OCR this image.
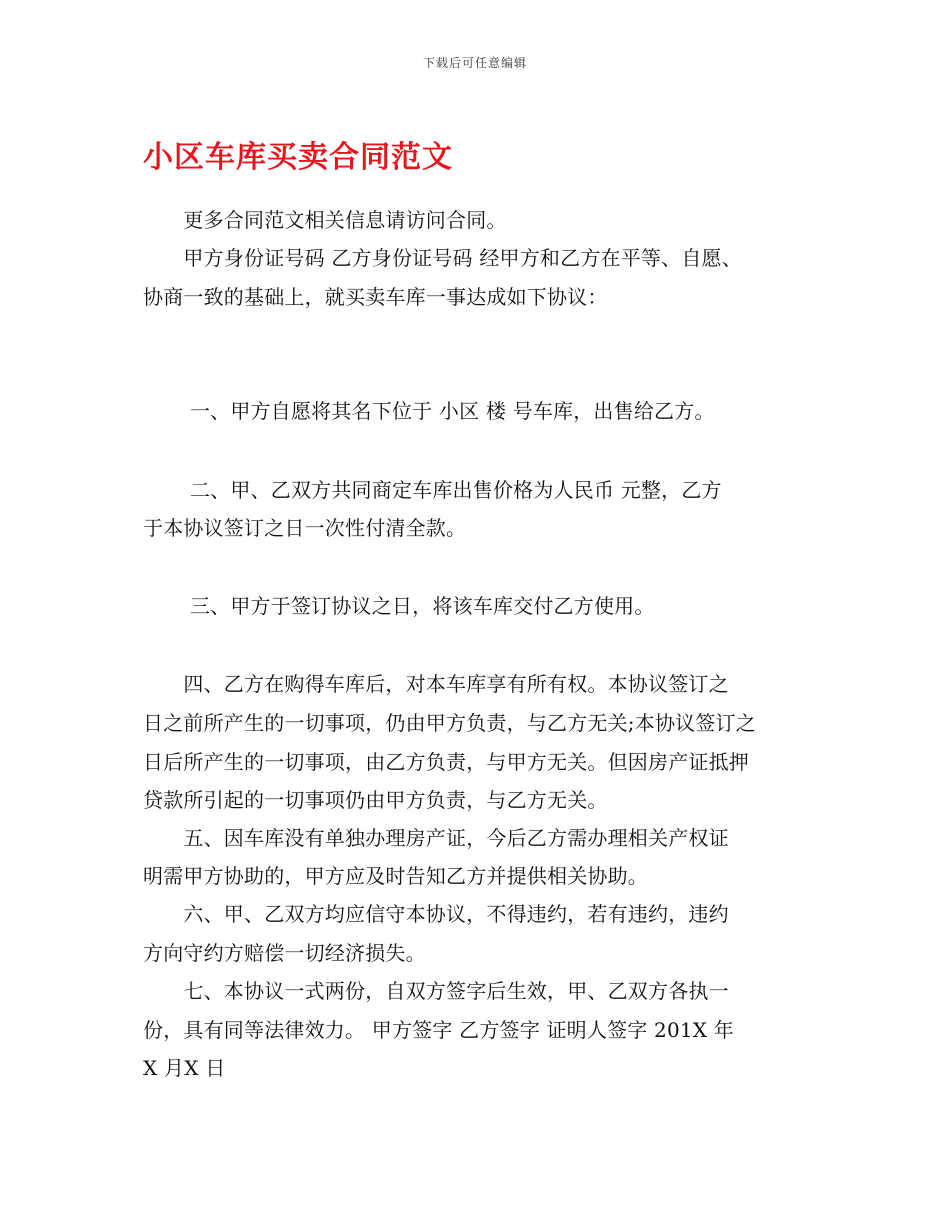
下载后可任意编辑
小区车库买卖合同范文
　　更多合同范文相关信息请访问合同。
　　甲方身份证号码 乙方身份证号码 经甲方和乙方在平等、自愿、
协商一致的基础上，就买卖车库一事达成如下协议：
　　 一、甲方自愿将其名下位于 小区 楼 号车库，出售给乙方。
　　 二、甲、乙双方共同商定车库出售价格为人民币 元整，乙方
于本协议签订之日一次性付清全款。
　　 三、甲方于签订协议之日，将该车库交付乙方使用。
　　四、乙方在购得车库后，对本车库享有所有权。本协议签订之
日之前所产生的一切事项，仍由甲方负责，与乙方无关;本协议签订之
日后所产生的一切事项，由乙方负责，与甲方无关。但因房产证抵押
贷款所引起的一切事项仍由甲方负责，与乙方无关。
　　五、因车库没有单独办理房产证，今后乙方需办理相关产权证
明需甲方协助的，甲方应及时告知乙方并提供相关协助。
　　六、甲、乙双方均应信守本协议，不得违约，若有违约，违约
方向守约方赔偿一切经济损失。
　　七、本协议一式两份，自双方签字后生效，甲、乙双方各执一
份，具有同等法律效力。 甲方签字 乙方签字 证明人签字 201X 年
X 月X 日
